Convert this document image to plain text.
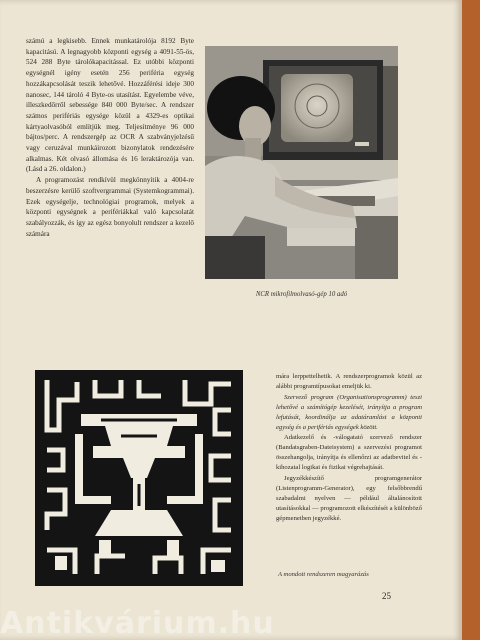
számú a legkisebb. Ennek munkatárolója 8192 Byte kapacitású. A legnagyobb központi egység a 4091-55-ös, 524 288 Byte tárolókapacitással. Ez utóbbi központi egységnél igény esetén 256 periféria egység hozzákapcsolását teszik lehetővé. Hozzáférési ideje 300 nanosec, 144 tároló 4 Byte-os utasítást. Egyelembe véve, illeszkedőrről sebessége 840 000 Byte/sec. A rendszer számos perifériás egysége közül a 4329-es optikai kártyaolvasóból említjük meg. Teljesítménye 96 000 bájtos/perc. A rendszergép az OCR A szabványjelzésű vagy ceruzával munkáirozott bizonylatok rendezésére alkalmas. Két olvasó állomása és 16 leraktározója van. (Lásd a 26. oldalon.)

A programozást rendkívül megkönnyítik a 4004-re beszerzésre kerülő szoftvergrammai (Systemkogrammai). Ezek egységelje, technológiai programok, melyek a központi egységnek a perifériákkal való kapcsolatát szabályozzák, és így az egész bonyolult rendszer a kezelő számára

NCR mikrofilmolvasó-gép 10 adó

mára lerppettelhetik. A rendszerprogramok közül az alábbi programtípusokat emeljük ki.

Szervező program (Organisationsprogramm) teszi lehetővé a számítógép kezelését, irányítja a program lefutását, koordinálja az adatáramlást a központi egység és a perifériás egységek között.

Adatkezelő és -válogatató szervező rendszer (Bandatsgraben-Dateisystem) a szervezési programot összehangolja, irányítja és ellenőrzi az adatbevitel és -kihozatal logikai és fizikai végrehajtását.

Jegyzékkészítő programgenerátor (Listenprogramm-Generator), egy felsőbbrendű szabadalmi nyelven — például általánosított utasításokkal — programozott elkészítését a különböző gépmenetben jegyzékké.

A mondott rendszeren magyarázás
25
Antikvárium.hu
